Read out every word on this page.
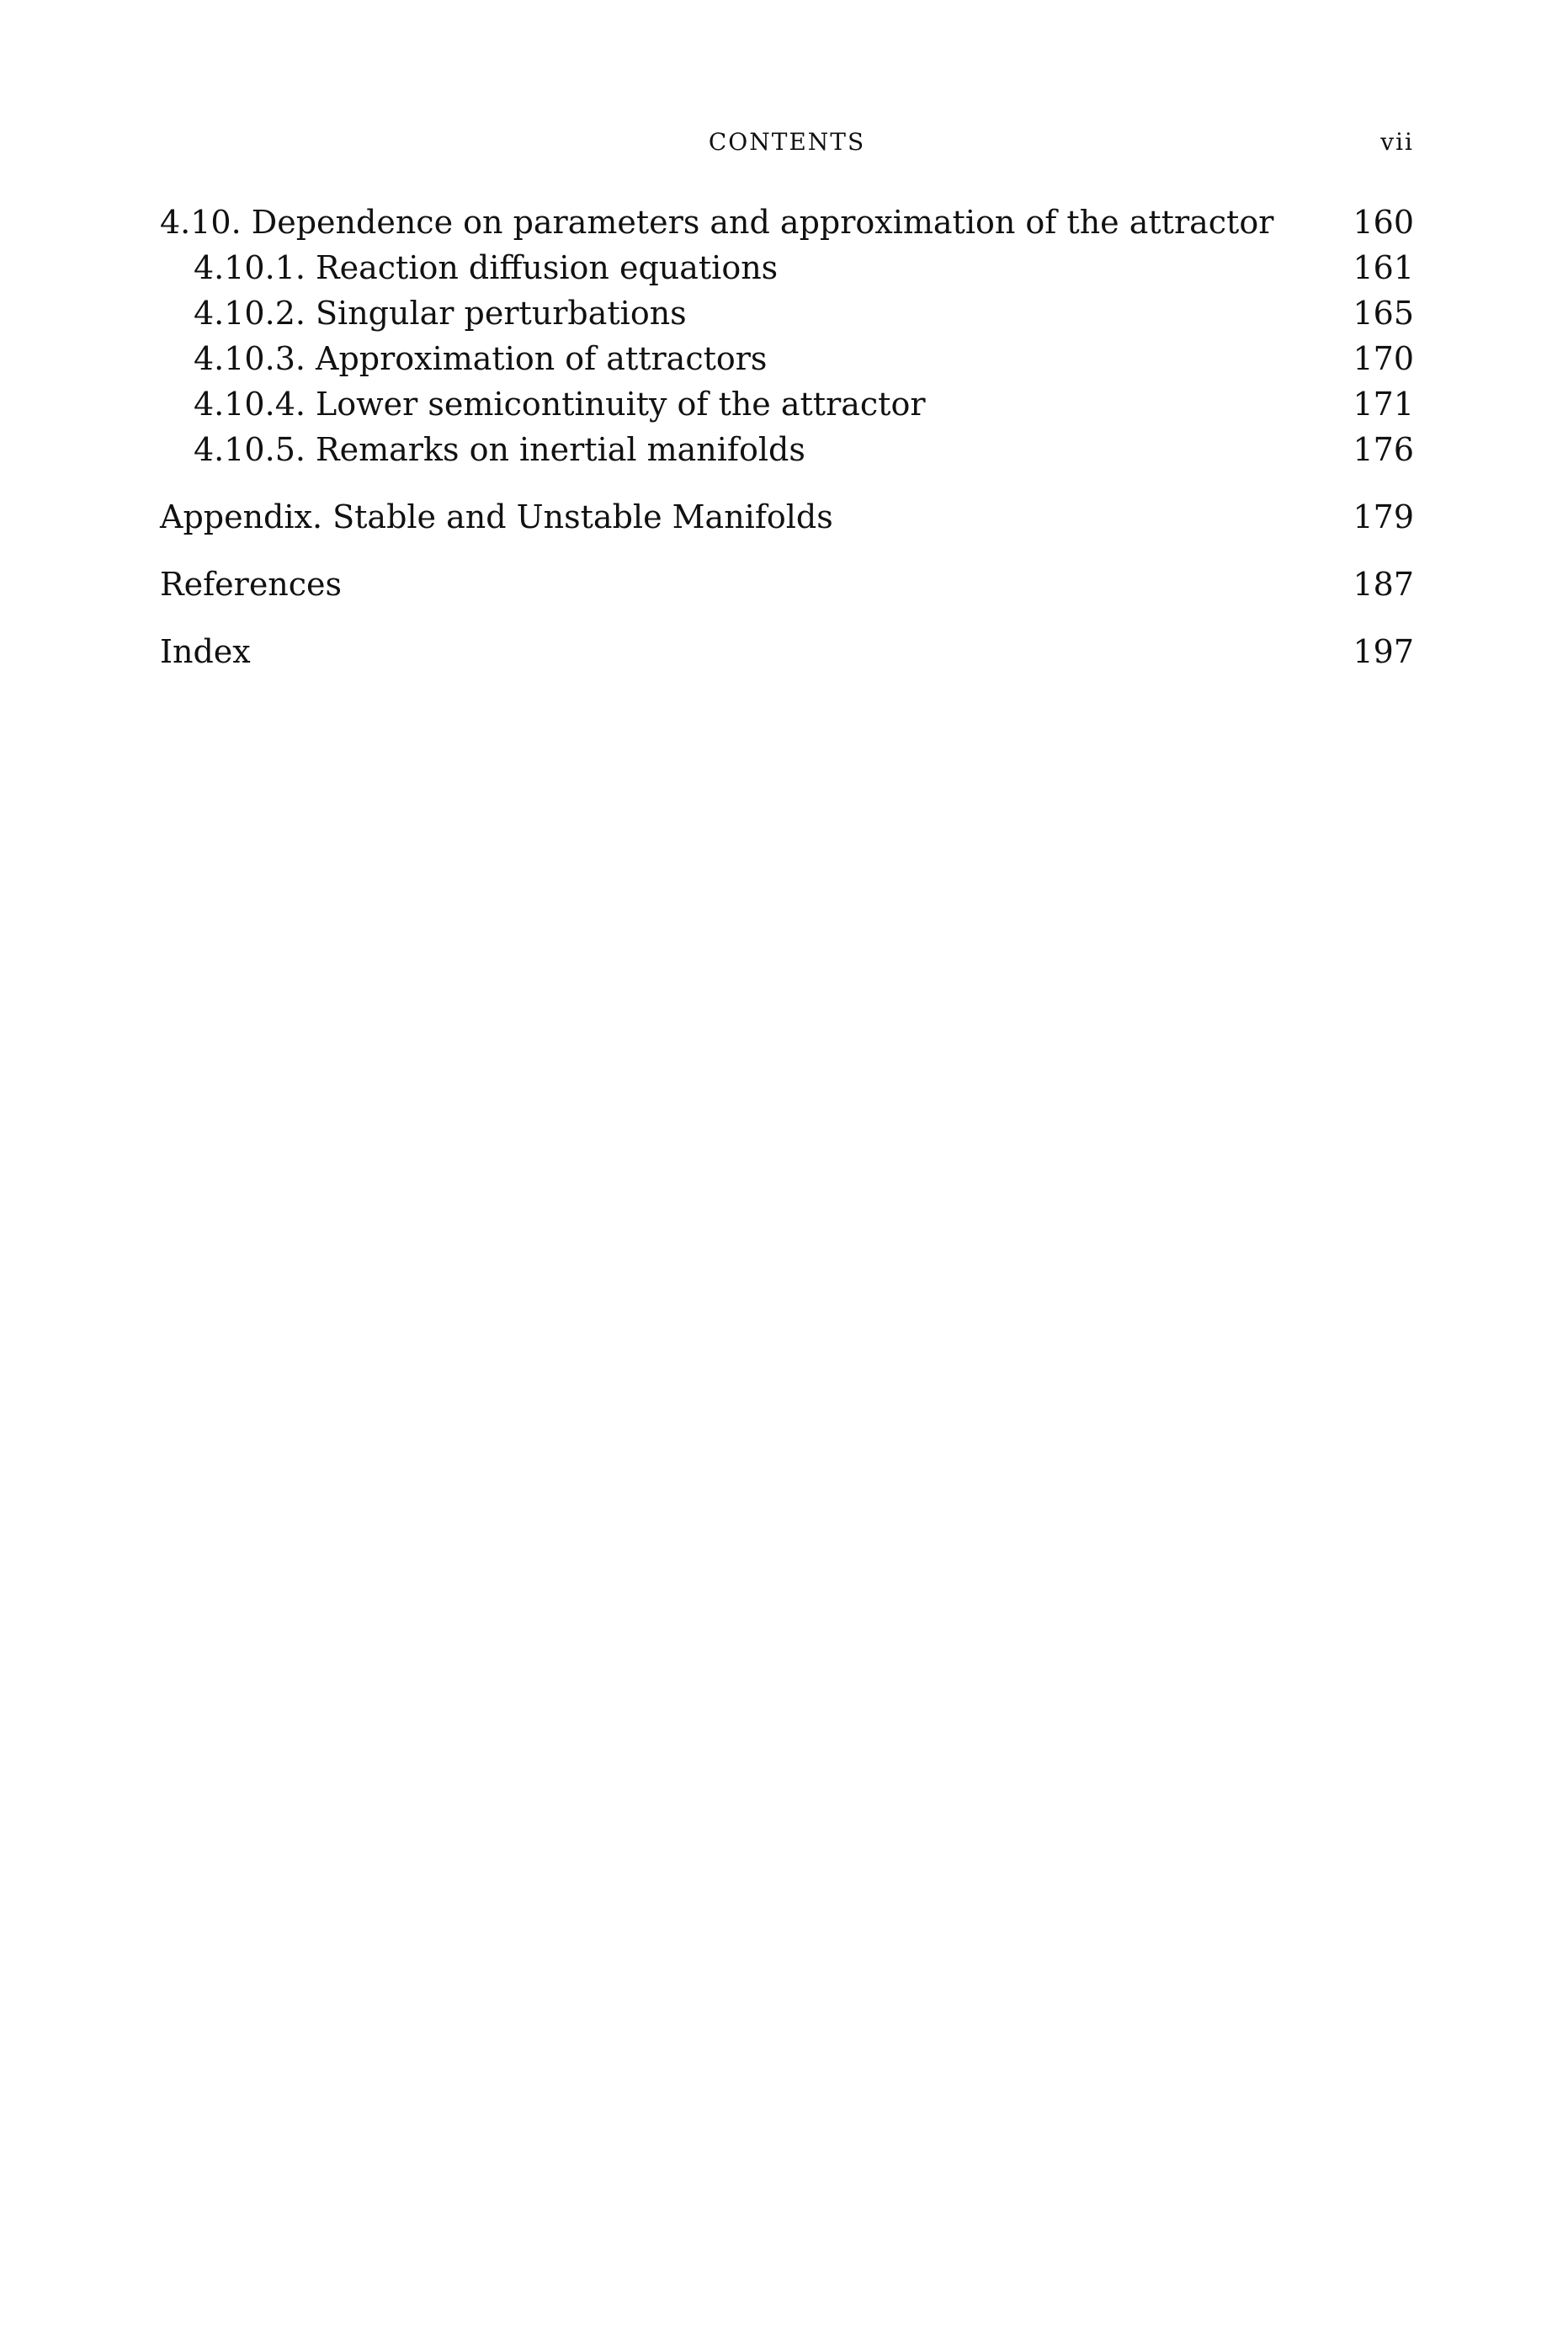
CONTENTS	vii
4.10. Dependence on parameters and approximation of the attractor 160
4.10.1. Reaction diffusion equations	161
4.10.2. Singular perturbations	165
4.10.3. Approximation of attractors	170
4.10.4. Lower semicontinuity of the attractor	171
4.10.5. Remarks on inertial manifolds	176
Appendix. Stable and Unstable Manifolds	179
References	187
Index	197
